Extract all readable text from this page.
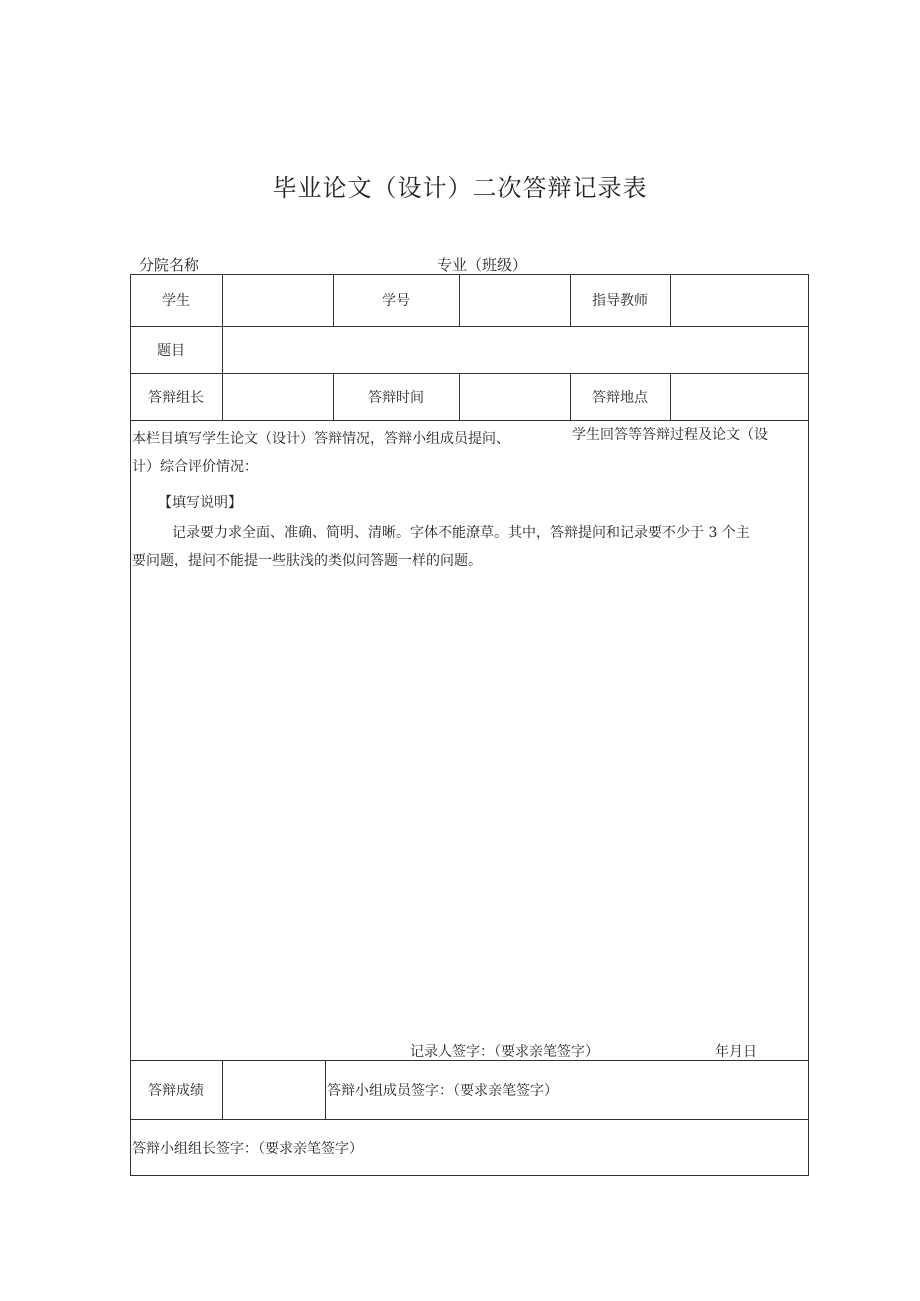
毕业论文（设计）二次答辩记录表
分院名称	专业（班级）
学生	学号	指导教师
题目
答辩组长	答辩时间	答辩地点
本栏目填写学生论文（设计）答辩情况，答辩小组成员提问、	学生回答等答辩过程及论文（设
计）综合评价情况：
【填写说明】
记录要力求全面、准确、简明、清晰。字体不能潦草。其中，答辩提问和记录要不少于 3 个主
要问题，提问不能提一些肤浅的类似问答题一样的问题。
记录人签字：（要求亲笔签字）	年月日
答辩成绩	答辩小组成员签字：（要求亲笔签字）
答辩小组组长签字：（要求亲笔签字）
